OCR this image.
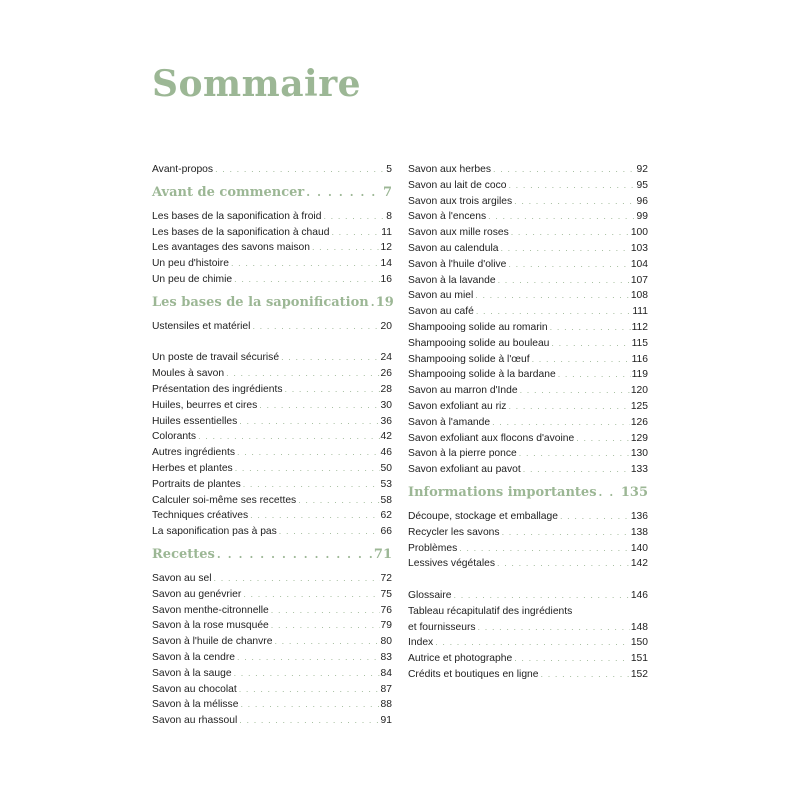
Sommaire
Avant-propos . . .	5
Avant de commencer . . .	7
Les bases de la saponification à froid . . .	8
Les bases de la saponification à chaud . . .	11
Les avantages des savons maison . . .	12
Un peu d'histoire . . .	14
Un peu de chimie . . .	16
Les bases de la saponification . . . 19
Ustensiles et matériel . . .	20
Un poste de travail sécurisé . . .	24
Moules à savon . . .	26
Présentation des ingrédients . . .	28
Huiles, beurres et cires . . .	30
Huiles essentielles . . .	36
Colorants . . .	42
Autres ingrédients . . .	46
Herbes et plantes . . .	50
Portraits de plantes . . .	53
Calculer soi-même ses recettes . . .	58
Techniques créatives . . .	62
La saponification pas à pas . . .	66
Recettes . . .	71
Savon au sel . . .	72
Savon au genévrier . . .	75
Savon menthe-citronnelle . . .	76
Savon à la rose musquée . . .	79
Savon à l'huile de chanvre . . .	80
Savon à la cendre . . .	83
Savon à la sauge . . .	84
Savon au chocolat . . .	87
Savon à la mélisse . . .	88
Savon au rhassoul . . .	91
Savon aux herbes . . .	92
Savon au lait de coco . . .	95
Savon aux trois argiles . . .	96
Savon à l'encens . . .	99
Savon aux mille roses . . .	100
Savon au calendula . . .	103
Savon à l'huile d'olive . . .	104
Savon à la lavande . . .	107
Savon au miel . . .	108
Savon au café . . .	111
Shampooing solide au romarin . . .	112
Shampooing solide au bouleau . . .	115
Shampooing solide à l'œuf . . .	116
Shampooing solide à la bardane . . .	119
Savon au marron d'Inde . . .	120
Savon exfoliant au riz . . .	125
Savon à l'amande . . .	126
Savon exfoliant aux flocons d'avoine . . .	129
Savon à la pierre ponce . . .	130
Savon exfoliant au pavot . . .	133
Informations importantes . . . 135
Découpe, stockage et emballage . . .	136
Recycler les savons . . .	138
Problèmes . . .	140
Lessives végétales . . .	142
Glossaire . . .	146
Tableau récapitulatif des ingrédients
et fournisseurs . . .	148
Index . . .	150
Autrice et photographe . . .	151
Crédits et boutiques en ligne . . .	152
